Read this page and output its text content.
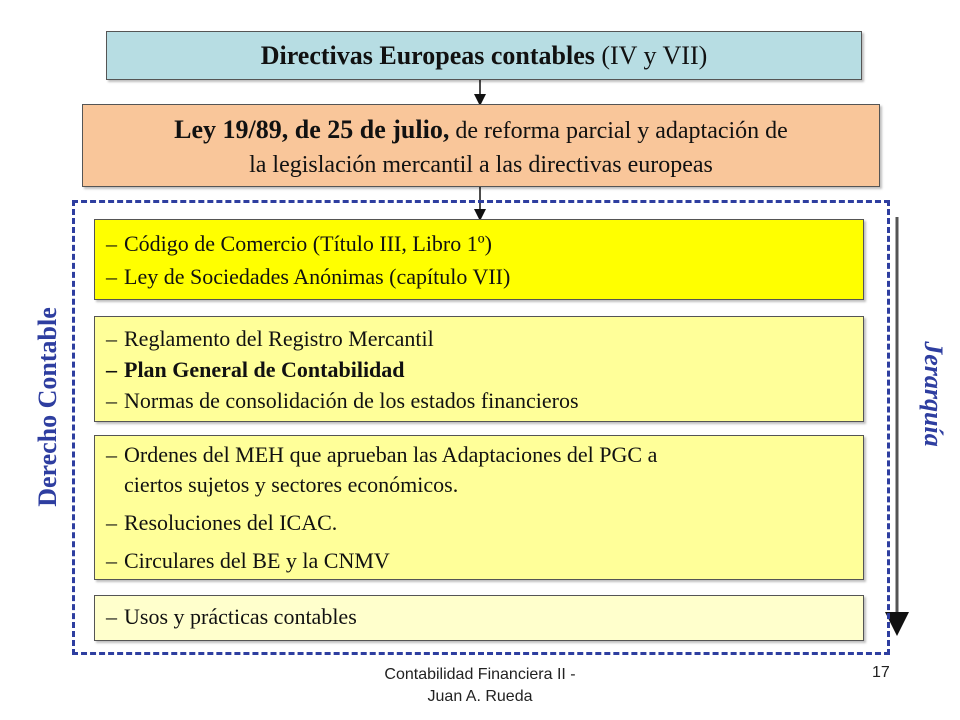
Directivas Europeas contables (IV y VII)
Ley 19/89, de 25 de julio, de reforma parcial y adaptación de
la legislación mercantil a las directivas europeas
– Código de Comercio (Título III, Libro 1º)
– Ley de Sociedades Anónimas (capítulo VII)
– Reglamento del Registro Mercantil
– Plan General de Contabilidad
– Normas de consolidación de los estados financieros
– Ordenes del MEH que aprueban las Adaptaciones del PGC a
ciertos sujetos y sectores económicos.
– Resoluciones del ICAC.
– Circulares del BE y la CNMV
– Usos y prácticas contables
Derecho Contable	Jerarquía
Contabilidad Financiera II -
Juan A. Rueda
17
